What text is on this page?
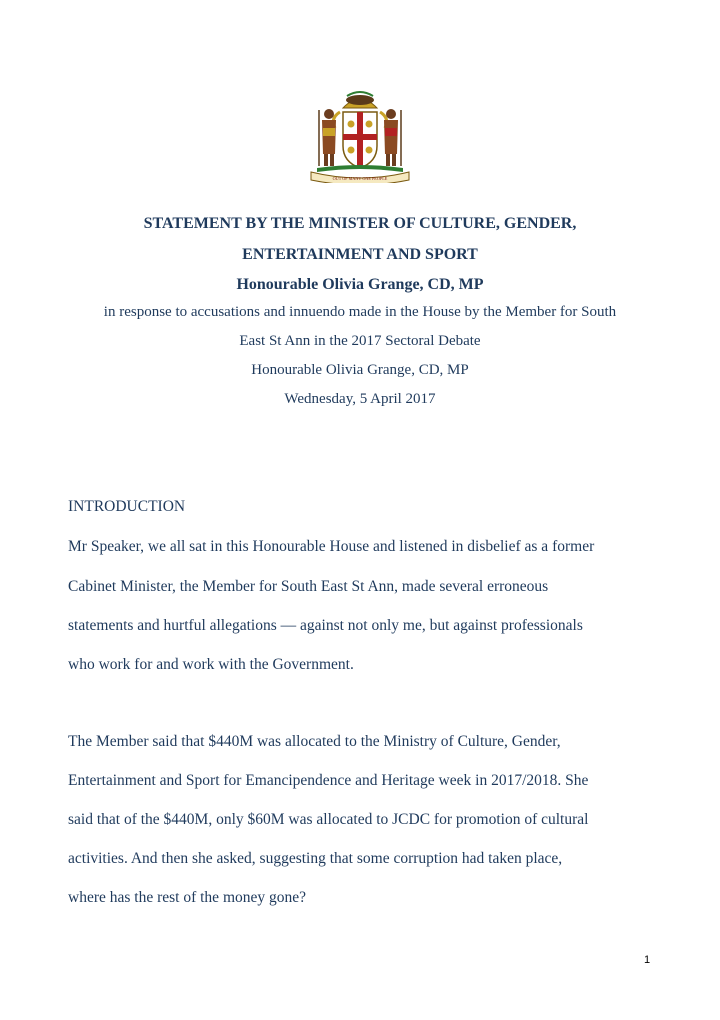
OUT OF MANY ONE PEOPLE
STATEMENT BY THE MINISTER OF CULTURE, GENDER,
ENTERTAINMENT AND SPORT
Honourable Olivia Grange, CD, MP
in response to accusations and innuendo made in the House by the Member for South
East St Ann in the 2017 Sectoral Debate
Honourable Olivia Grange, CD, MP
Wednesday, 5 April 2017
INTRODUCTION
Mr Speaker, we all sat in this Honourable House and listened in disbelief as a former
Cabinet Minister, the Member for South East St Ann, made several erroneous
statements and hurtful allegations — against not only me, but against professionals
who work for and work with the Government.
The Member said that $440M was allocated to the Ministry of Culture, Gender,
Entertainment and Sport for Emancipendence and Heritage week in 2017/2018. She
said that of the $440M, only $60M was allocated to JCDC for promotion of cultural
activities. And then she asked, suggesting that some corruption had taken place,
where has the rest of the money gone?
1
